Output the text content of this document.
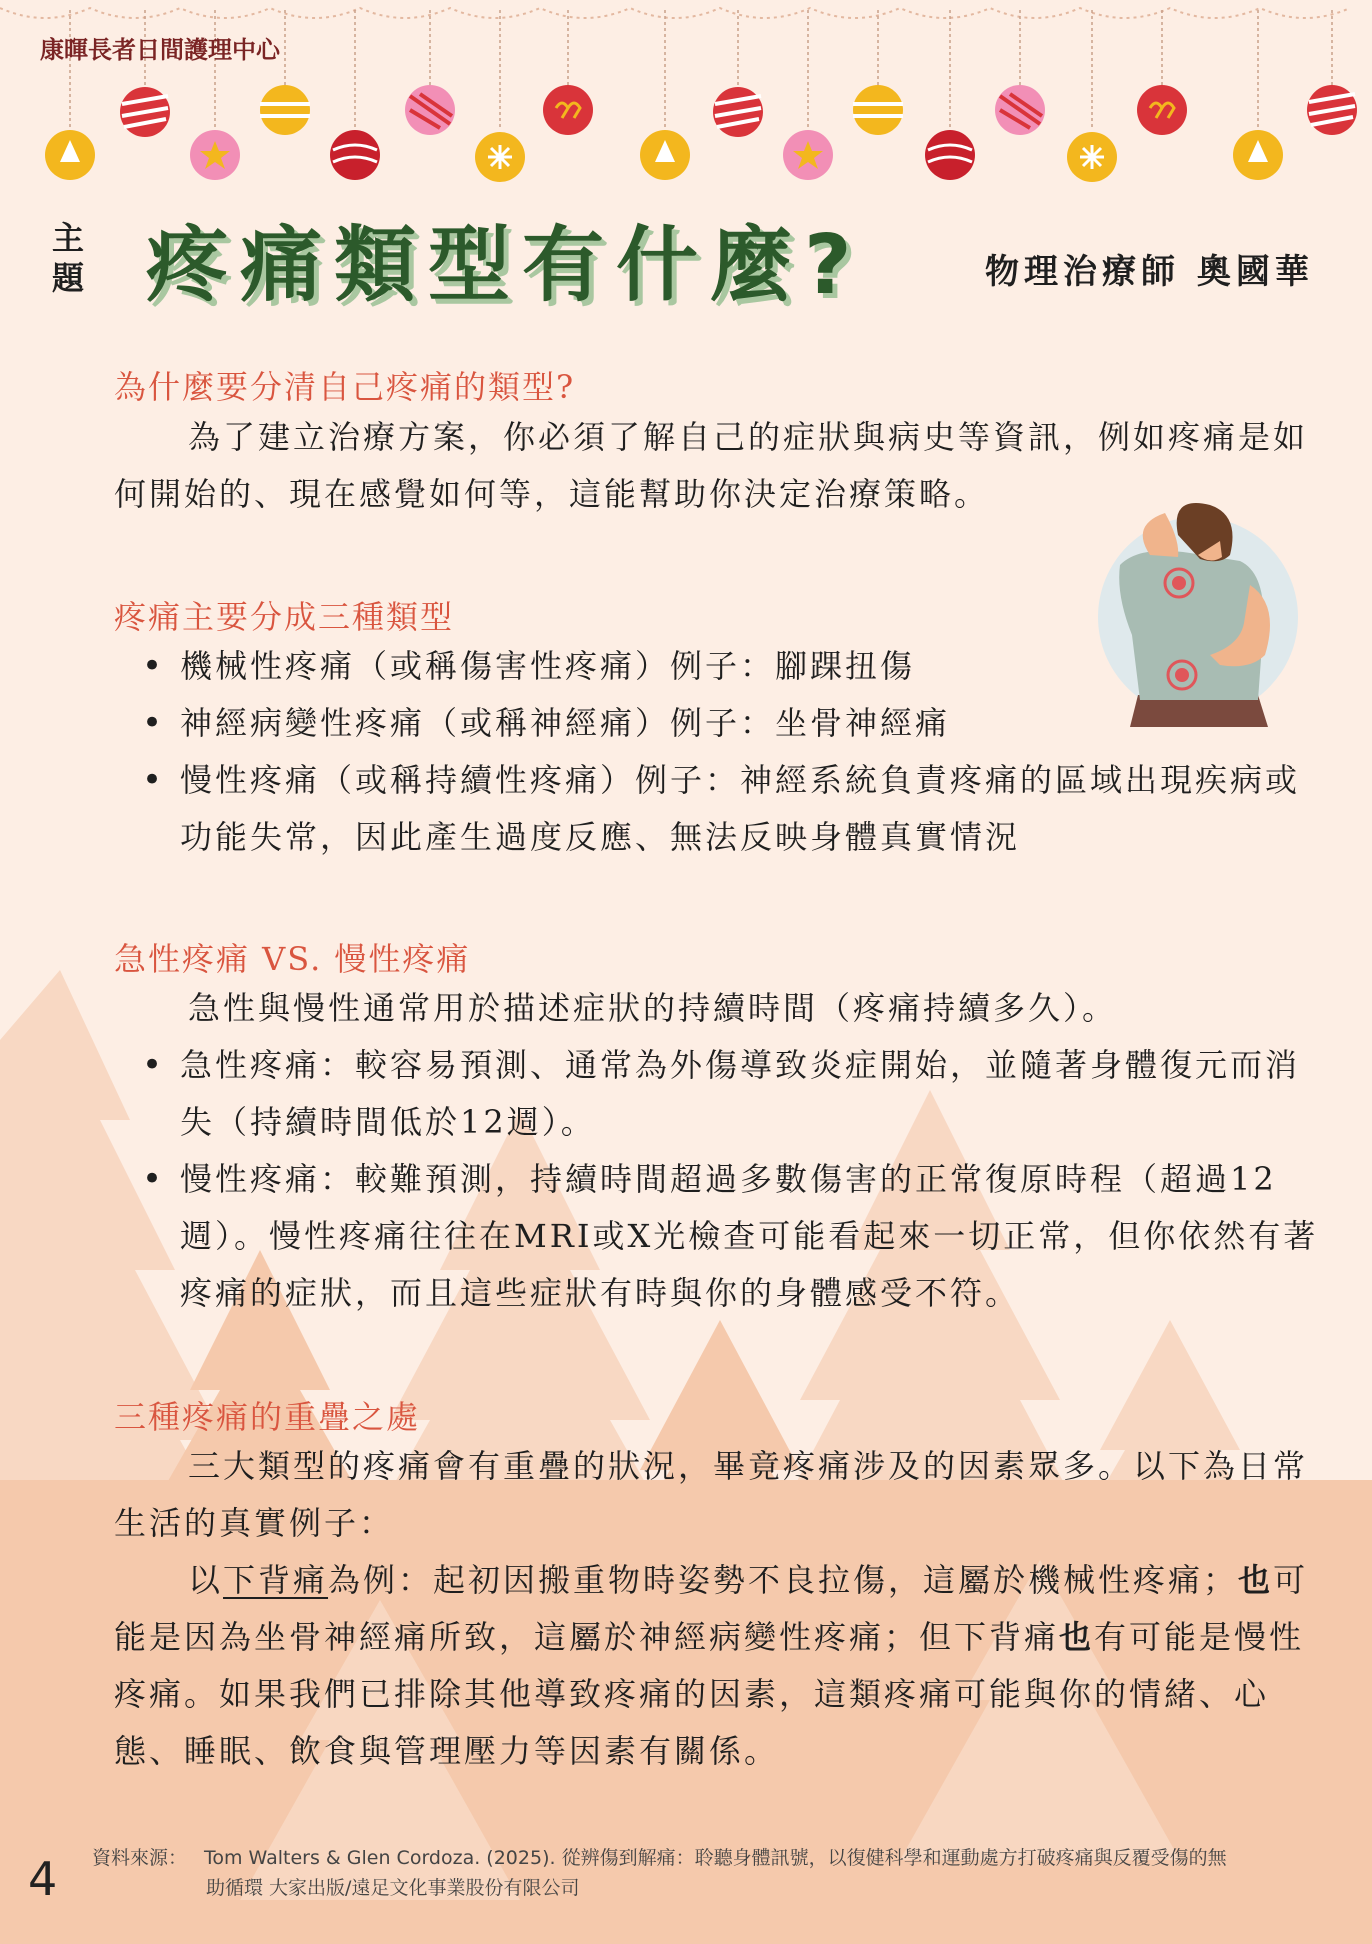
康暉長者日間護理中心
主題 疼痛類型有什麼?	物理治療師 奧國華
為什麼要分清自己疼痛的類型?
為了建立治療方案，你必須了解自己的症狀與病史等資訊，例如疼痛是如何開始的、現在感覺如何等，這能幫助你決定治療策略。
疼痛主要分成三種類型
• 機械性疼痛（或稱傷害性疼痛）例子：腳踝扭傷
• 神經病變性疼痛（或稱神經痛）例子：坐骨神經痛
• 慢性疼痛（或稱持續性疼痛）例子：神經系統負責疼痛的區域出現疾病或功能失常，因此產生過度反應、無法反映身體真實情況
急性疼痛 VS. 慢性疼痛
急性與慢性通常用於描述症狀的持續時間（疼痛持續多久）。
• 急性疼痛：較容易預測、通常為外傷導致炎症開始，並隨著身體復元而消失（持續時間低於12週）。
• 慢性疼痛：較難預測，持續時間超過多數傷害的正常復原時程（超過12週）。慢性疼痛往往在MRI或X光檢查可能看起來一切正常，但你依然有著疼痛的症狀，而且這些症狀有時與你的身體感受不符。
三種疼痛的重疊之處
三大類型的疼痛會有重疊的狀況，畢竟疼痛涉及的因素眾多。以下為日常生活的真實例子：
以下背痛為例：起初因搬重物時姿勢不良拉傷，這屬於機械性疼痛；也可能是因為坐骨神經痛所致，這屬於神經病變性疼痛；但下背痛也有可能是慢性疼痛。如果我們已排除其他導致疼痛的因素，這類疼痛可能與你的情緒、心態、睡眠、飲食與管理壓力等因素有關係。
4 資料來源： Tom Walters & Glen Cordoza. (2025). 從辨傷到解痛：聆聽身體訊號，以復健科學和運動處方打破疼痛與反覆受傷的無
助循環 大家出版/遠足文化事業股份有限公司
